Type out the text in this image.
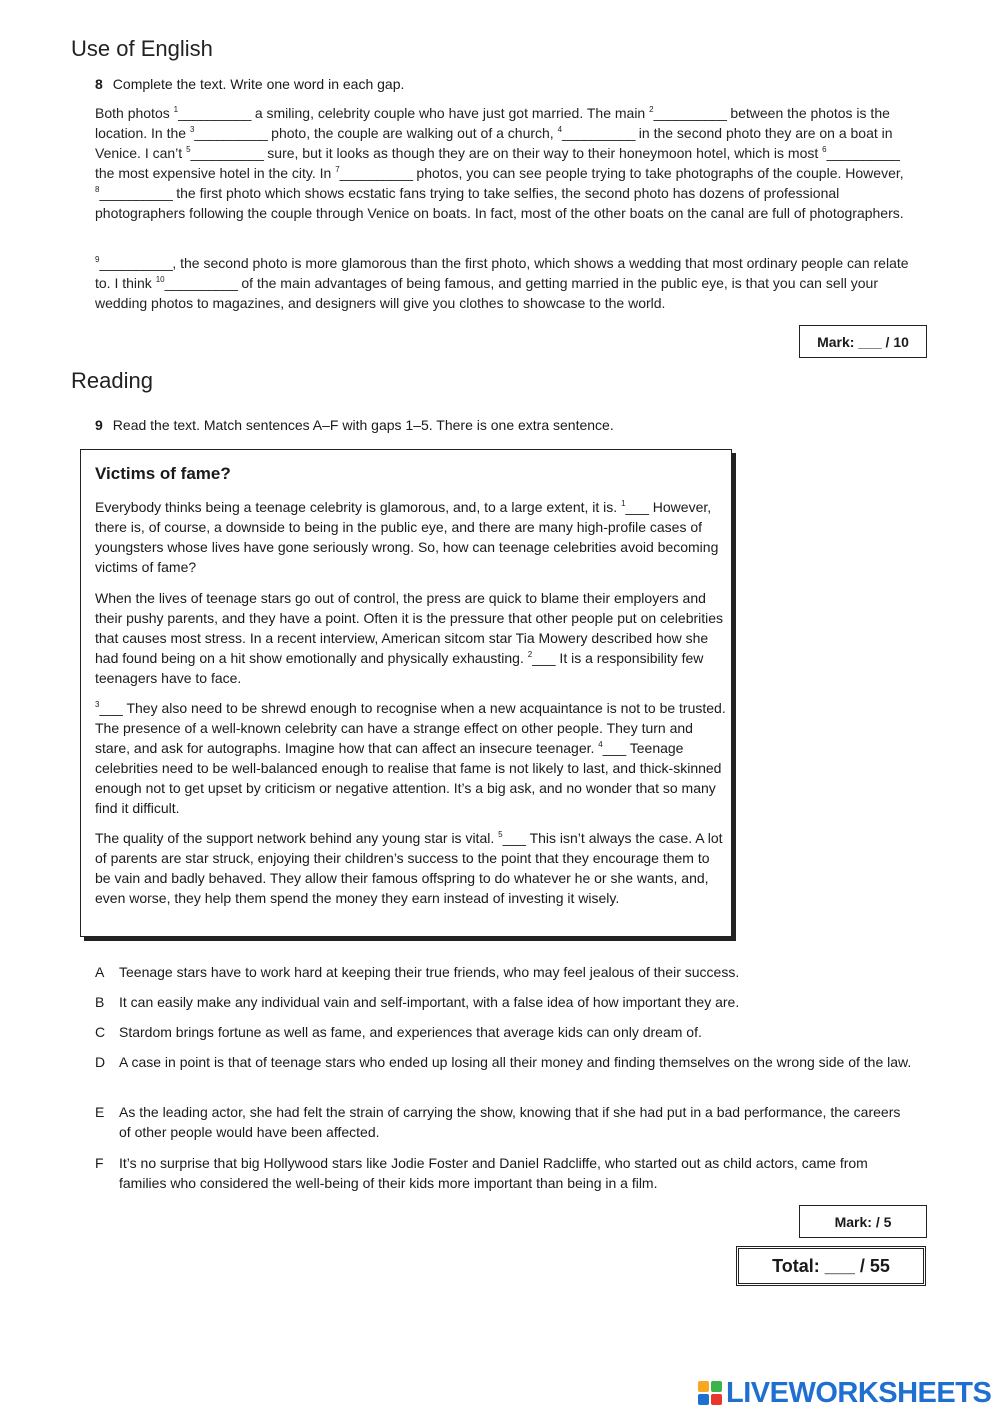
Use of English

8 Complete the text. Write one word in each gap.

Both photos $^1$__________ a smiling, celebrity couple who have just got married. The main $^2$__________ between the photos is the location. In the $^3$__________ photo, the couple are walking out of a church, $^4$__________ in the second photo they are on a boat in Venice. I can’t $^5$__________ sure, but it looks as though they are on their way to their honeymoon hotel, which is most $^6$__________ the most expensive hotel in the city. In $^7$__________ photos, you can see people trying to take photographs of the couple. However, $^8$__________ the first photo which shows ecstatic fans trying to take selfies, the second photo has dozens of professional photographers following the couple through Venice on boats. In fact, most of the other boats on the canal are full of photographers.

$^9$__________, the second photo is more glamorous than the first photo, which shows a wedding that most ordinary people can relate to. I think $^{10}$__________ of the main advantages of being famous, and getting married in the public eye, is that you can sell your wedding photos to magazines, and designers will give you clothes to showcase to the world.

Mark: ___ / 10
Reading

9 Read the text. Match sentences A–F with gaps 1–5. There is one extra sentence.

Victims of fame?

Everybody thinks being a teenage celebrity is glamorous, and, to a large extent, it is. $^1$___ However, there is, of course, a downside to being in the public eye, and there are many high-profile cases of youngsters whose lives have gone seriously wrong. So, how can teenage celebrities avoid becoming victims of fame?

When the lives of teenage stars go out of control, the press are quick to blame their employers and their pushy parents, and they have a point. Often it is the pressure that other people put on celebrities that causes most stress. In a recent interview, American sitcom star Tia Mowery described how she had found being on a hit show emotionally and physically exhausting. $^2$___ It is a responsibility few teenagers have to face.

$^3$___ They also need to be shrewd enough to recognise when a new acquaintance is not to be trusted. The presence of a well-known celebrity can have a strange effect on other people. They turn and stare, and ask for autographs. Imagine how that can affect an insecure teenager. $^4$___ Teenage celebrities need to be well-balanced enough to realise that fame is not likely to last, and thick-skinned enough not to get upset by criticism or negative attention. It’s a big ask, and no wonder that so many find it difficult.

The quality of the support network behind any young star is vital. $^5$___ This isn’t always the case. A lot of parents are star struck, enjoying their children’s success to the point that they encourage them to be vain and badly behaved. They allow their famous offspring to do whatever he or she wants, and, even worse, they help them spend the money they earn instead of investing it wisely.

A	Teenage stars have to work hard at keeping their true friends, who may feel jealous of their success.
B	It can easily make any individual vain and self-important, with a false idea of how important they are.
C Stardom brings fortune as well as fame, and experiences that average kids can only dream of.
D A case in point is that of teenage stars who ended up losing all their money and finding themselves on the wrong side of the law.
E	As the leading actor, she had felt the strain of carrying the show, knowing that if she had put in a bad performance, the careers of other people would have been affected.
F	It’s no surprise that big Hollywood stars like Jodie Foster and Daniel Radcliffe, who started out as child actors, came from families who considered the well-being of their kids more important than being in a film.
Mark: / 5
Total: ___ / 55
LIVEWORKSHEETS
